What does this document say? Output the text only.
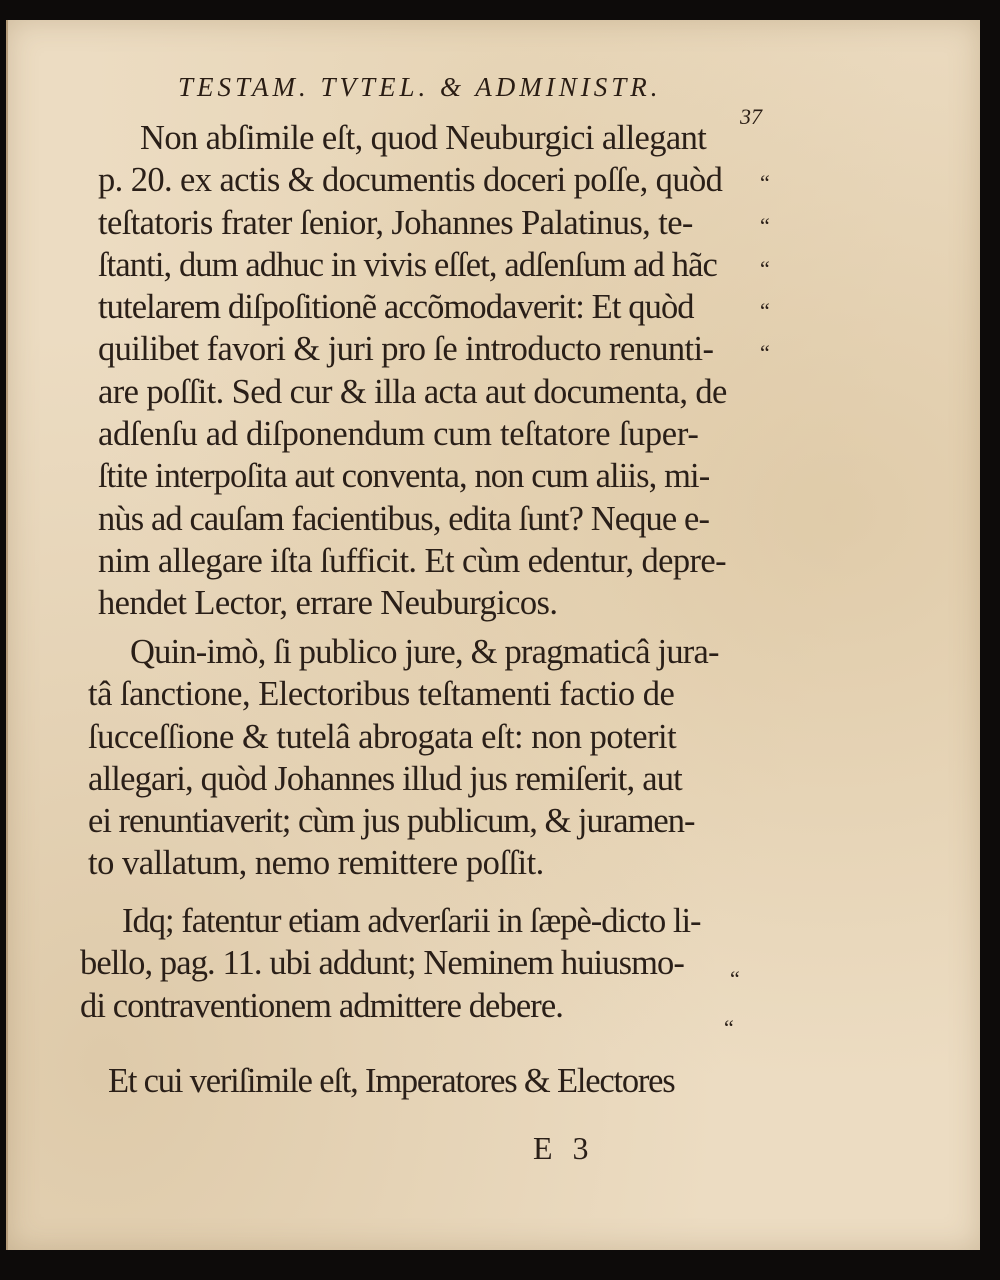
TESTAM. TVTEL. & ADMINISTR.
37
Non abſimile eſt, quod Neuburgici allegant
p. 20. ex actis & documentis doceri poſſe, quòd
teſtatoris frater ſenior, Johannes Palatinus, te-
ſtanti, dum adhuc in vivis eſſet, adſenſum ad hãc
tutelarem diſpoſitionẽ accõmodaverit: Et quòd
quilibet favori & juri pro ſe introducto renunti-
are poſſit. Sed cur & illa acta aut documenta, de
adſenſu ad diſponendum cum teſtatore ſuper-
ſtite interpoſita aut conventa, non cum aliis, mi-
nùs ad cauſam facientibus, edita ſunt? Neque e-
nim allegare iſta ſufficit. Et cùm edentur, depre-
hendet Lector, errare Neuburgicos.
Quin-imò, ſi publico jure, & pragmaticâ jura-
tâ ſanctione, Electoribus teſtamenti factio de
ſucceſſione & tutelâ abrogata eſt: non poterit
allegari, quòd Johannes illud jus remiſerit, aut
ei renuntiaverit; cùm jus publicum, & juramen-
to vallatum, nemo remittere poſſit.
Idq; fatentur etiam adverſarii in ſæpè-dicto li-
bello, pag. 11. ubi addunt; Neminem huiusmo-
di contraventionem admittere debere.
Et cui veriſimile eſt, Imperatores & Electores
“
“
“
“
“
“
“
E 3
